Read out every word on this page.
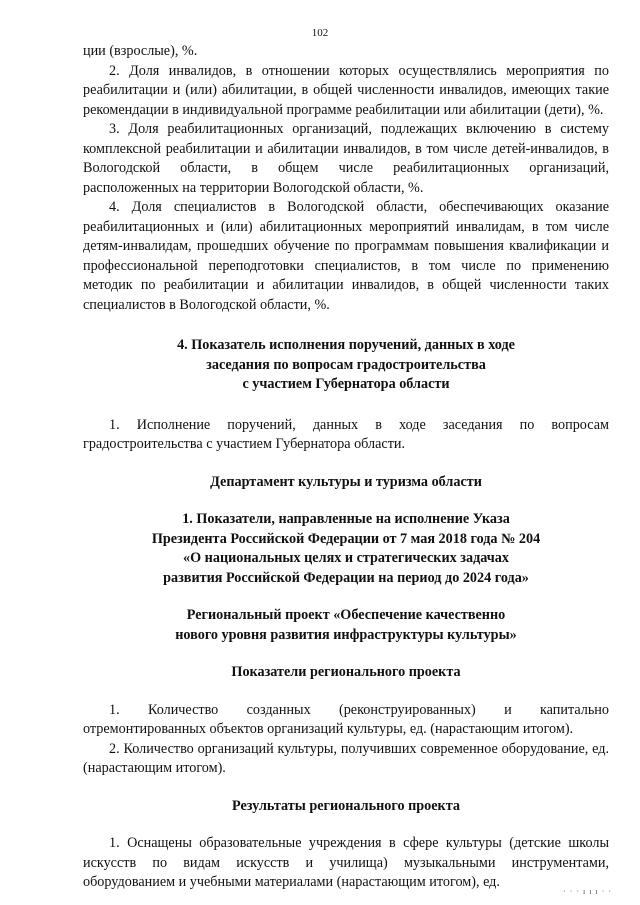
102

ции (взрослые), %.

2. Доля инвалидов, в отношении которых осуществлялись мероприятия по реабилитации и (или) абилитации, в общей численности инвалидов, имеющих такие рекомендации в индивидуальной программе реабилитации или абилитации (дети), %.

3. Доля реабилитационных организаций, подлежащих включению в систему комплексной реабилитации и абилитации инвалидов, в том числе детей-инвалидов, в Вологодской области, в общем числе реабилитационных организаций, расположенных на территории Вологодской области, %.

4. Доля специалистов в Вологодской области, обеспечивающих оказание реабилитационных и (или) абилитационных мероприятий инвалидам, в том числе детям-инвалидам, прошедших обучение по программам повышения квалификации и профессиональной переподготовки специалистов, в том числе по применению методик по реабилитации и абилитации инвалидов, в общей численности таких специалистов в Вологодской области, %.

4. Показатель исполнения поручений, данных в ходе
заседания по вопросам градостроительства
с участием Губернатора области

1. Исполнение поручений, данных в ходе заседания по вопросам градостроительства с участием Губернатора области.

Департамент культуры и туризма области
1. Показатели, направленные на исполнение Указа
Президента Российской Федерации от 7 мая 2018 года № 204
«О национальных целях и стратегических задачах
развития Российской Федерации на период до 2024 года»
Региональный проект «Обеспечение качественно
нового уровня развития инфраструктуры культуры»
Показатели регионального проекта

1. Количество созданных (реконструированных) и капитально отремонтированных объектов организаций культуры, ед. (нарастающим итогом).

2. Количество организаций культуры, получивших современное оборудование, ед. (нарастающим итогом).

Результаты регионального проекта

1. Оснащены образовательные учреждения в сфере культуры (детские школы искусств по видам искусств и училища) музыкальными инструментами, оборудованием и учебными материалами (нарастающим итогом), ед.

· · · ı ı ı · ·
